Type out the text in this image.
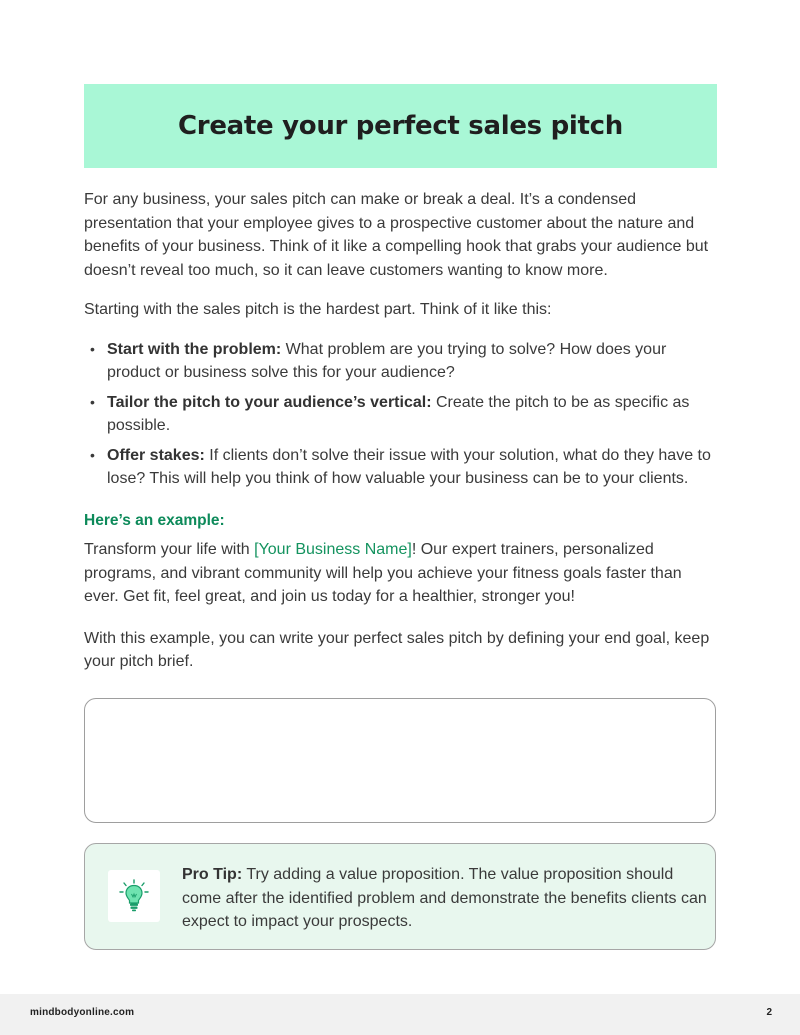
Create your perfect sales pitch

For any business, your sales pitch can make or break a deal. It’s a condensed presentation that your employee gives to a prospective customer about the nature and benefits of your business. Think of it like a compelling hook that grabs your audience but doesn’t reveal too much, so it can leave customers wanting to know more.

Starting with the sales pitch is the hardest part. Think of it like this:

• Start with the problem: What problem are you trying to solve? How does your product or business solve this for your audience?
• Tailor the pitch to your audience’s vertical: Create the pitch to be as specific as possible.
• Offer stakes: If clients don’t solve their issue with your solution, what do they have to lose? This will help you think of how valuable your business can be to your clients.

Here’s an example:

Transform your life with [Your Business Name]! Our expert trainers, personalized programs, and vibrant community will help you achieve your fitness goals faster than ever. Get fit, feel great, and join us today for a healthier, stronger you!

With this example, you can write your perfect sales pitch by defining your end goal, keep your pitch brief.

Pro Tip: Try adding a value proposition. The value proposition should come after the identified problem and demonstrate the benefits clients can expect to impact your prospects.
mindbodyonline.com	2
